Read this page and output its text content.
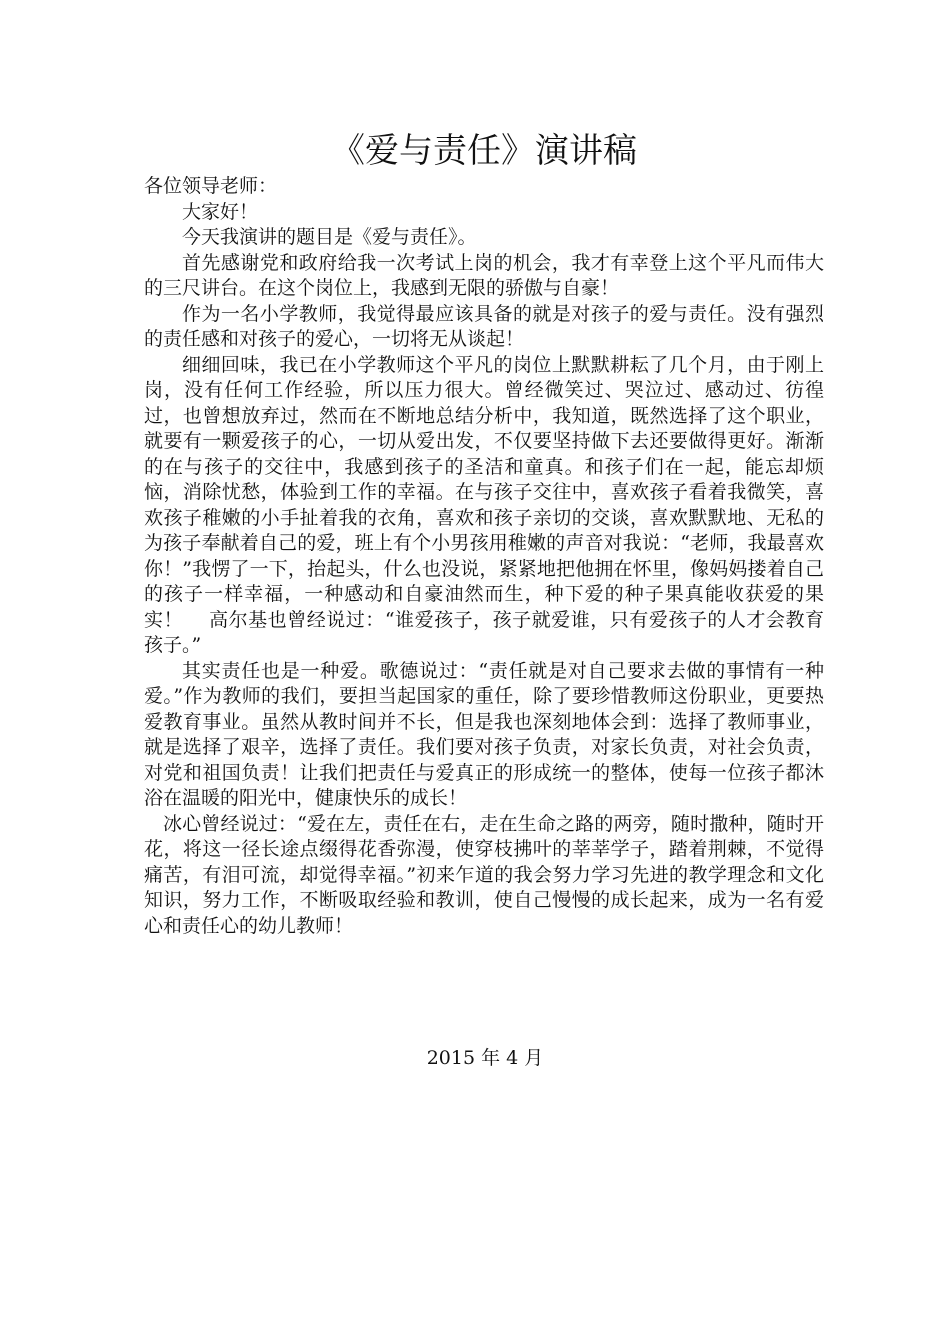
《爱与责任》演讲稿

各位领导老师：

大家好！

今天我演讲的题目是《爱与责任》。

首先感谢党和政府给我一次考试上岗的机会，我才有幸登上这个平凡而伟大的三尺讲台。在这个岗位上，我感到无限的骄傲与自豪！

作为一名小学教师，我觉得最应该具备的就是对孩子的爱与责任。没有强烈的责任感和对孩子的爱心，一切将无从谈起！

细细回味，我已在小学教师这个平凡的岗位上默默耕耘了几个月，由于刚上岗，没有任何工作经验，所以压力很大。曾经微笑过、哭泣过、感动过、彷徨过，也曾想放弃过，然而在不断地总结分析中，我知道，既然选择了这个职业，就要有一颗爱孩子的心，一切从爱出发，不仅要坚持做下去还要做得更好。渐渐的在与孩子的交往中，我感到孩子的圣洁和童真。和孩子们在一起，能忘却烦恼，消除忧愁，体验到工作的幸福。在与孩子交往中，喜欢孩子看着我微笑，喜欢孩子稚嫩的小手扯着我的衣角，喜欢和孩子亲切的交谈，喜欢默默地、无私的为孩子奉献着自己的爱，班上有个小男孩用稚嫩的声音对我说：“老师，我最喜欢你！”我愣了一下，抬起头，什么也没说，紧紧地把他拥在怀里，像妈妈搂着自己的孩子一样幸福，一种感动和自豪油然而生，种下爱的种子果真能收获爱的果实！　 高尔基也曾经说过：“谁爱孩子，孩子就爱谁，只有爱孩子的人才会教育孩子。”

其实责任也是一种爱。歌德说过：“责任就是对自己要求去做的事情有一种爱。”作为教师的我们，要担当起国家的重任，除了要珍惜教师这份职业，更要热爱教育事业。虽然从教时间并不长，但是我也深刻地体会到：选择了教师事业，就是选择了艰辛，选择了责任。我们要对孩子负责，对家长负责，对社会负责，对党和祖国负责！让我们把责任与爱真正的形成统一的整体，使每一位孩子都沐浴在温暖的阳光中，健康快乐的成长！

冰心曾经说过：“爱在左，责任在右，走在生命之路的两旁，随时撒种，随时开花，将这一径长途点缀得花香弥漫，使穿枝拂叶的莘莘学子，踏着荆棘，不觉得痛苦，有泪可流，却觉得幸福。”初来乍道的我会努力学习先进的教学理念和文化知识，努力工作，不断吸取经验和教训，使自己慢慢的成长起来，成为一名有爱心和责任心的幼儿教师！

2015 年 4 月
